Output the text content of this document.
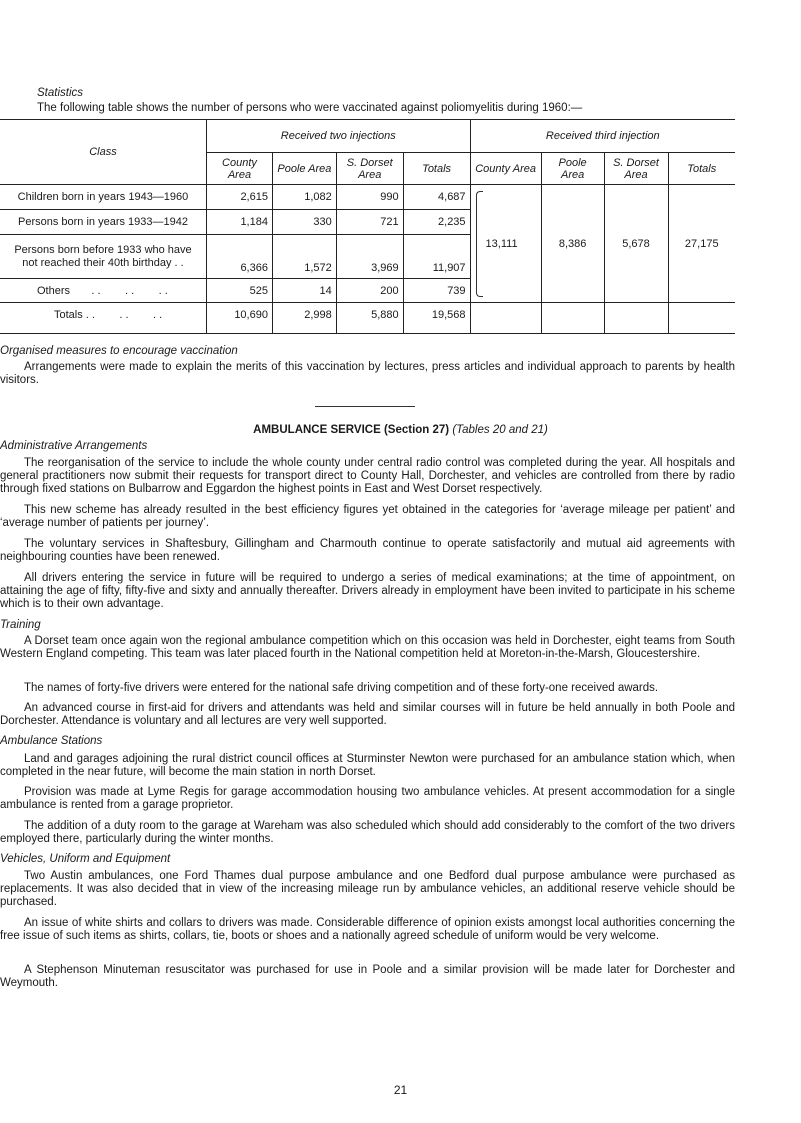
Statistics

The following table shows the number of persons who were vaccinated against poliomyelitis during 1960:—

Class	Received two injections				Received third injection			
	County Area	Poole Area	S. Dorset Area	Totals	County Area	Poole Area	S. Dorset Area	Totals
Children born in years 1943—1960	2,615	1,082	990	4,687	13,111	8,386	5,678	27,175
Persons born in years 1933—1942	1,184	330	721	2,235				

Persons born before 1933 who have
not reached their 40th birthday . .	6,366	1,572	3,969	11,907				
Others       . .        . .        . .	525	14	200	739				
Totals . .        . .        . .	10,690	2,998	5,880	19,568				

Organised measures to encourage vaccination

Arrangements were made to explain the merits of this vaccination by lectures, press articles and individual approach to parents by health visitors.

AMBULANCE SERVICE (Section 27) (Tables 20 and 21)

Administrative Arrangements

The reorganisation of the service to include the whole county under central radio control was completed during the year. All hospitals and general practitioners now submit their requests for transport direct to County Hall, Dorchester, and vehicles are controlled from there by radio through fixed stations on Bulbarrow and Eggardon the highest points in East and West Dorset respectively.

This new scheme has already resulted in the best efficiency figures yet obtained in the categories for ‘average mileage per patient’ and ‘average number of patients per journey’.

The voluntary services in Shaftesbury, Gillingham and Charmouth continue to operate satisfactorily and mutual aid agreements with neighbouring counties have been renewed.

All drivers entering the service in future will be required to undergo a series of medical examinations; at the time of appointment, on attaining the age of fifty, fifty-five and sixty and annually thereafter. Drivers already in employment have been invited to participate in his scheme which is to their own advantage.

Training

A Dorset team once again won the regional ambulance competition which on this occasion was held in Dorchester, eight teams from South Western England competing. This team was later placed fourth in the National competition held at Moreton-in-the-Marsh, Gloucestershire.

The names of forty-five drivers were entered for the national safe driving competition and of these forty-one received awards.

An advanced course in first-aid for drivers and attendants was held and similar courses will in future be held annually in both Poole and Dorchester. Attendance is voluntary and all lectures are very well supported.

Ambulance Stations

Land and garages adjoining the rural district council offices at Sturminster Newton were purchased for an ambulance station which, when completed in the near future, will become the main station in north Dorset.

Provision was made at Lyme Regis for garage accommodation housing two ambulance vehicles. At present accommodation for a single ambulance is rented from a garage proprietor.

The addition of a duty room to the garage at Wareham was also scheduled which should add considerably to the comfort of the two drivers employed there, particularly during the winter months.

Vehicles, Uniform and Equipment

Two Austin ambulances, one Ford Thames dual purpose ambulance and one Bedford dual purpose ambulance were purchased as replacements. It was also decided that in view of the increasing mileage run by ambulance vehicles, an additional reserve vehicle should be purchased.

An issue of white shirts and collars to drivers was made. Considerable difference of opinion exists amongst local authorities concerning the free issue of such items as shirts, collars, tie, boots or shoes and a nationally agreed schedule of uniform would be very welcome.

A Stephenson Minuteman resuscitator was purchased for use in Poole and a similar provision will be made later for Dorchester and Weymouth.

21
